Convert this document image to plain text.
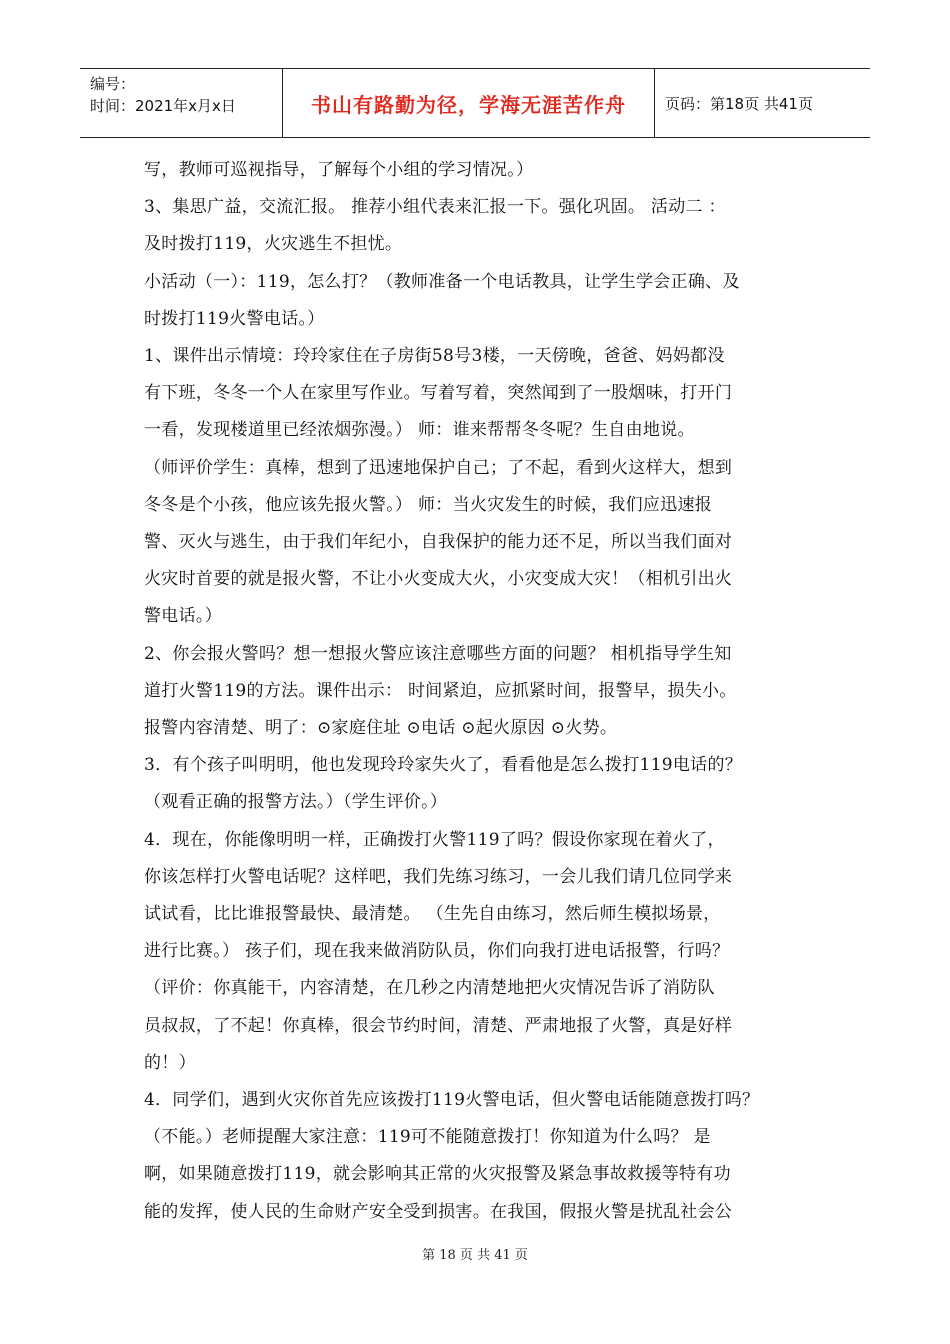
编号：
时间：2021年x月x日	书山有路勤为径，学海无涯苦作舟	页码：第18页 共41页

写，教师可巡视指导，了解每个小组的学习情况。）

3、集思广益，交流汇报。 推荐小组代表来汇报一下。强化巩固。 活动二 ：

及时拨打119，火灾逃生不担忧。

小活动（一）：119，怎么打？（教师准备一个电话教具，让学生学会正确、及

时拨打119火警电话。）

1、课件出示情境：玲玲家住在子房街58号3楼，一天傍晚，爸爸、妈妈都没

有下班，冬冬一个人在家里写作业。写着写着，突然闻到了一股烟味，打开门

一看，发现楼道里已经浓烟弥漫。） 师：谁来帮帮冬冬呢？生自由地说。

（师评价学生：真棒，想到了迅速地保护自己；了不起，看到火这样大，想到

冬冬是个小孩，他应该先报火警。） 师：当火灾发生的时候，我们应迅速报

警、灭火与逃生，由于我们年纪小，自我保护的能力还不足，所以当我们面对

火灾时首要的就是报火警，不让小火变成大火，小灾变成大灾！（相机引出火

警电话。）

2、你会报火警吗？想一想报火警应该注意哪些方面的问题？ 相机指导学生知

道打火警119的方法。课件出示： 时间紧迫，应抓紧时间，报警早，损失小。

报警内容清楚、明了：⊙家庭住址 ⊙电话 ⊙起火原因 ⊙火势。

3．有个孩子叫明明，他也发现玲玲家失火了，看看他是怎么拨打119电话的？

（观看正确的报警方法。）（学生评价。）

4．现在，你能像明明一样，正确拨打火警119了吗？假设你家现在着火了，

你该怎样打火警电话呢？这样吧，我们先练习练习，一会儿我们请几位同学来

试试看，比比谁报警最快、最清楚。 （生先自由练习，然后师生模拟场景，

进行比赛。） 孩子们，现在我来做消防队员，你们向我打进电话报警，行吗？

（评价：你真能干，内容清楚，在几秒之内清楚地把火灾情况告诉了消防队

员叔叔，了不起！你真棒，很会节约时间，清楚、严肃地报了火警，真是好样

的！）

4．同学们，遇到火灾你首先应该拨打119火警电话，但火警电话能随意拨打吗？

（不能。）老师提醒大家注意：119可不能随意拨打！你知道为什么吗？ 是

啊，如果随意拨打119，就会影响其正常的火灾报警及紧急事故救援等特有功

能的发挥，使人民的生命财产安全受到损害。在我国，假报火警是扰乱社会公

第 18 页 共 41 页
